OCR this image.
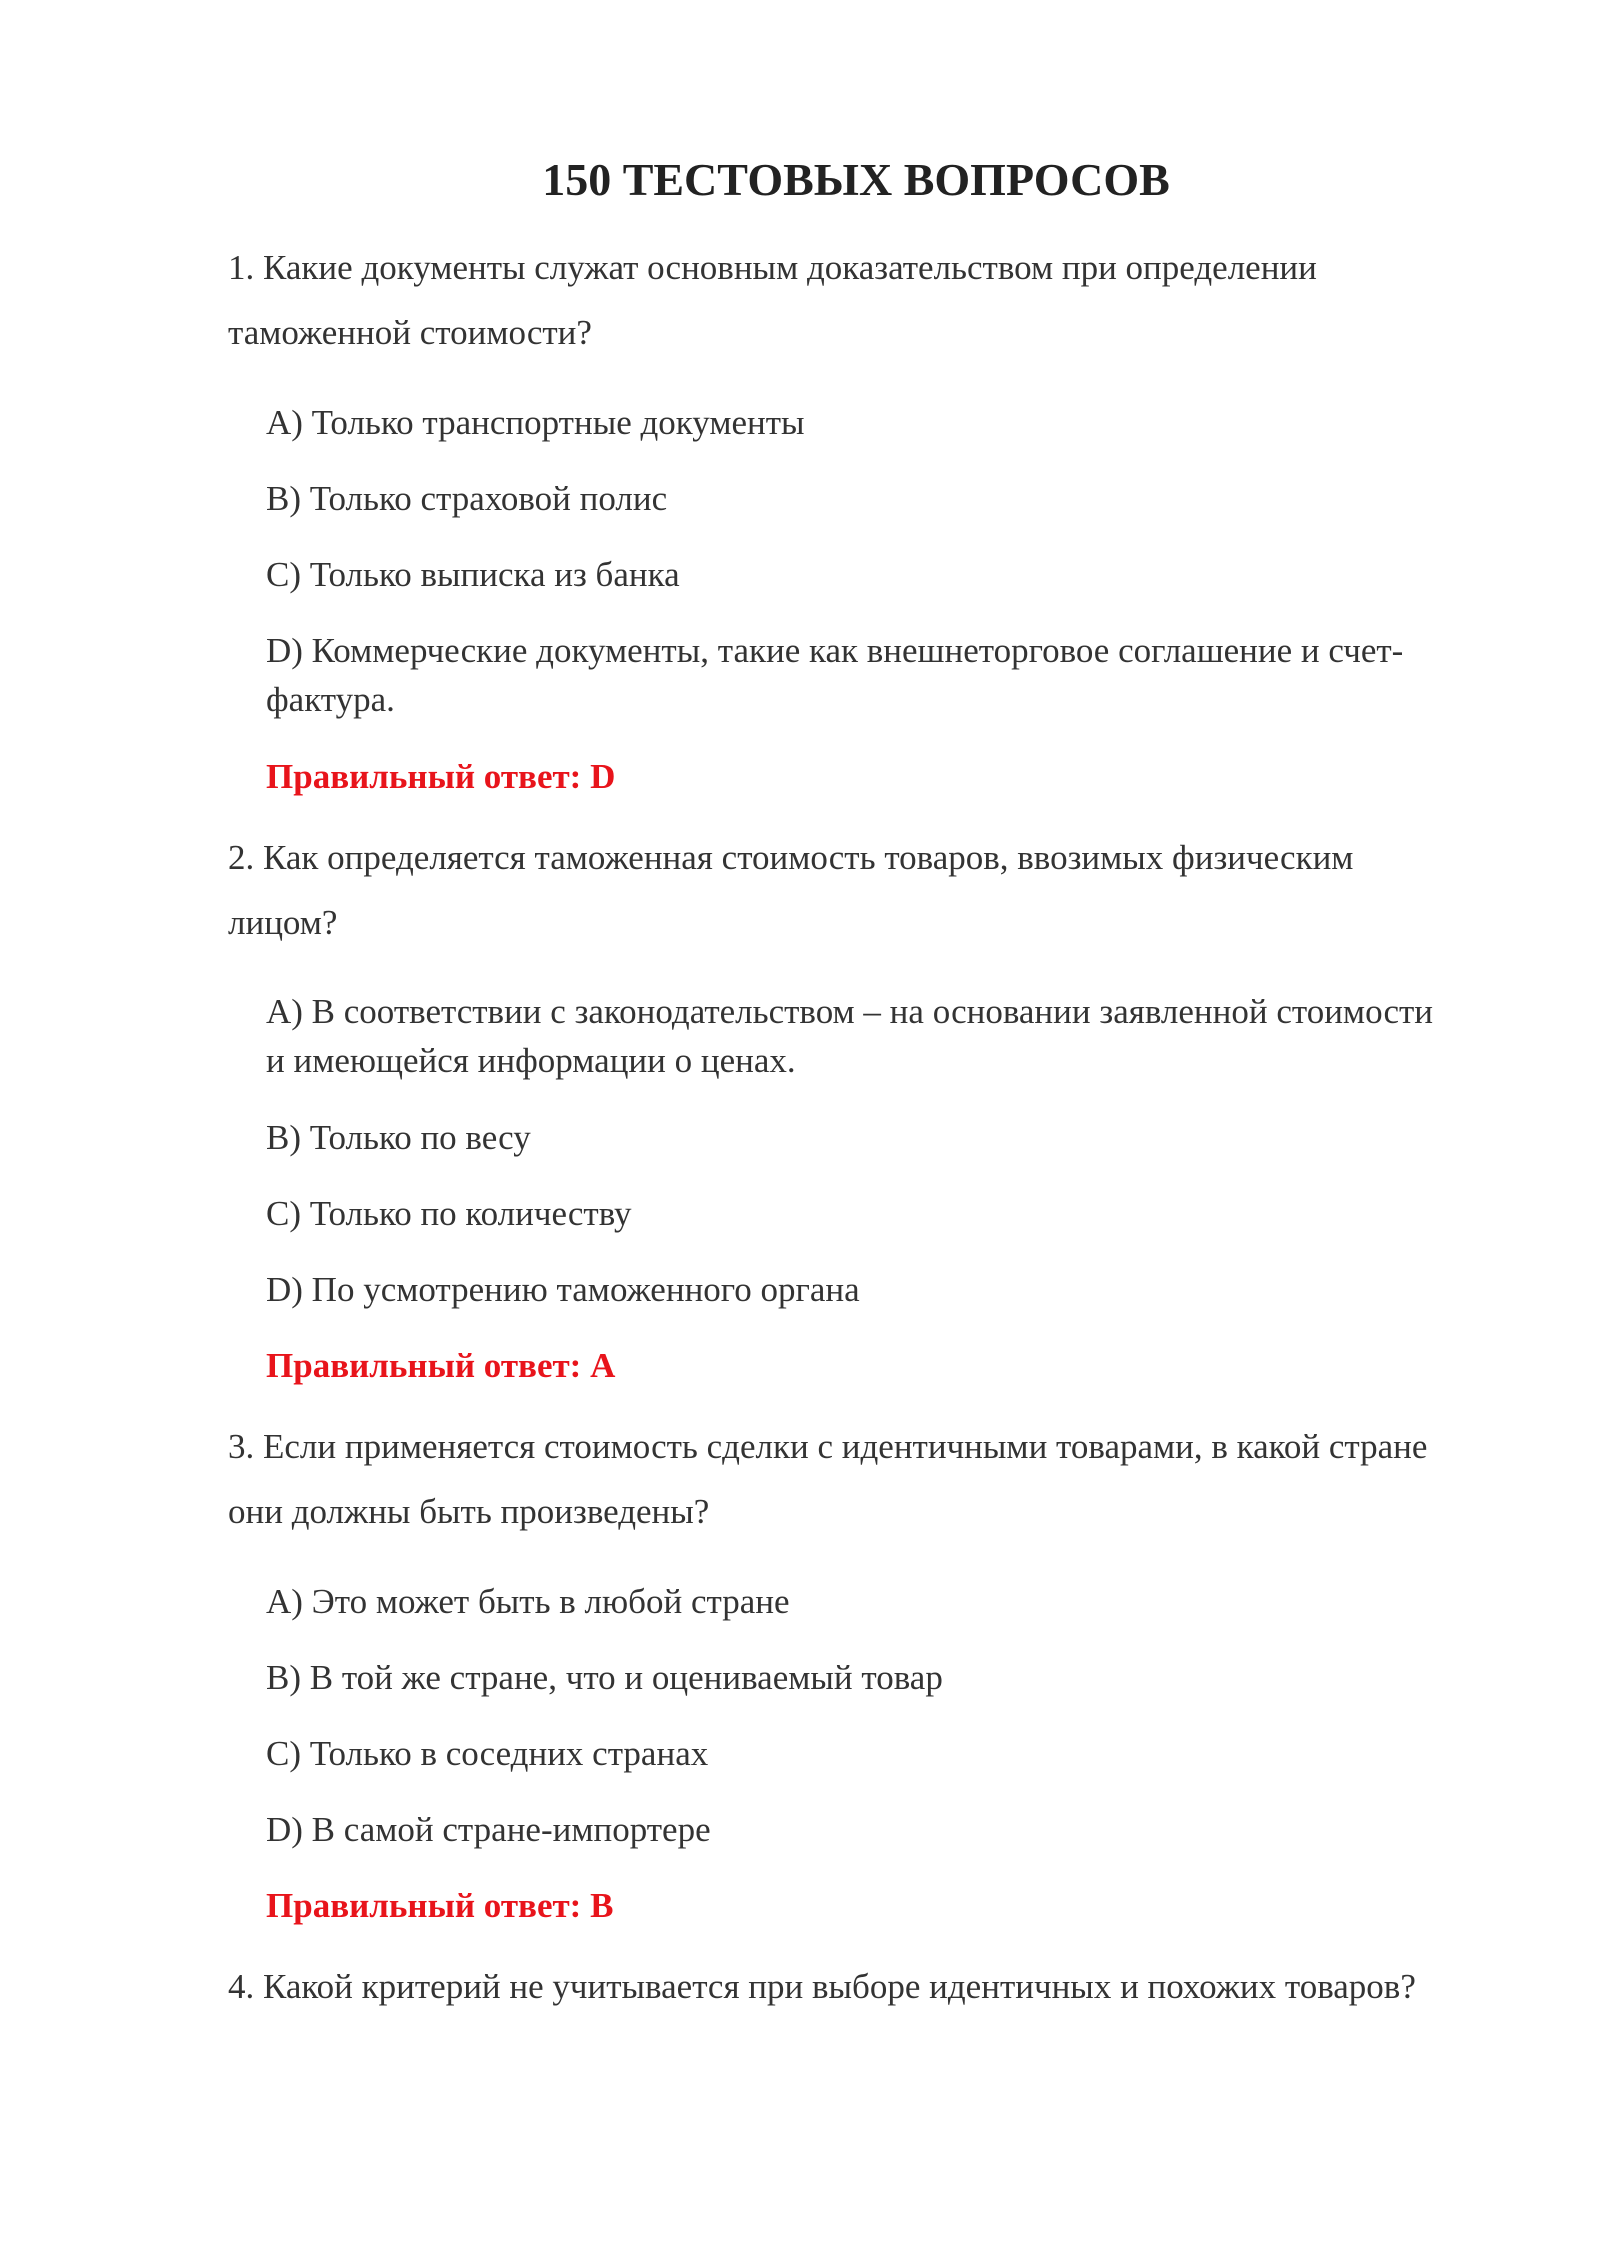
150 ТЕСТОВЫХ ВОПРОСОВ
1. Какие документы служат основным доказательством при определении таможенной стоимости?
A) Только транспортные документы
B) Только страховой полис
C) Только выписка из банка
D) Коммерческие документы, такие как внешнеторговое соглашение и счет-фактура.
Правильный ответ: D
2. Как определяется таможенная стоимость товаров, ввозимых физическим лицом?
A) В соответствии с законодательством – на основании заявленной стоимости и имеющейся информации о ценах.
B) Только по весу
C) Только по количеству
D) По усмотрению таможенного органа
Правильный ответ: A
3. Если применяется стоимость сделки с идентичными товарами, в какой стране они должны быть произведены?
A) Это может быть в любой стране
B) В той же стране, что и оцениваемый товар
C) Только в соседних странах
D) В самой стране-импортере
Правильный ответ: B
4. Какой критерий не учитывается при выборе идентичных и похожих товаров?
